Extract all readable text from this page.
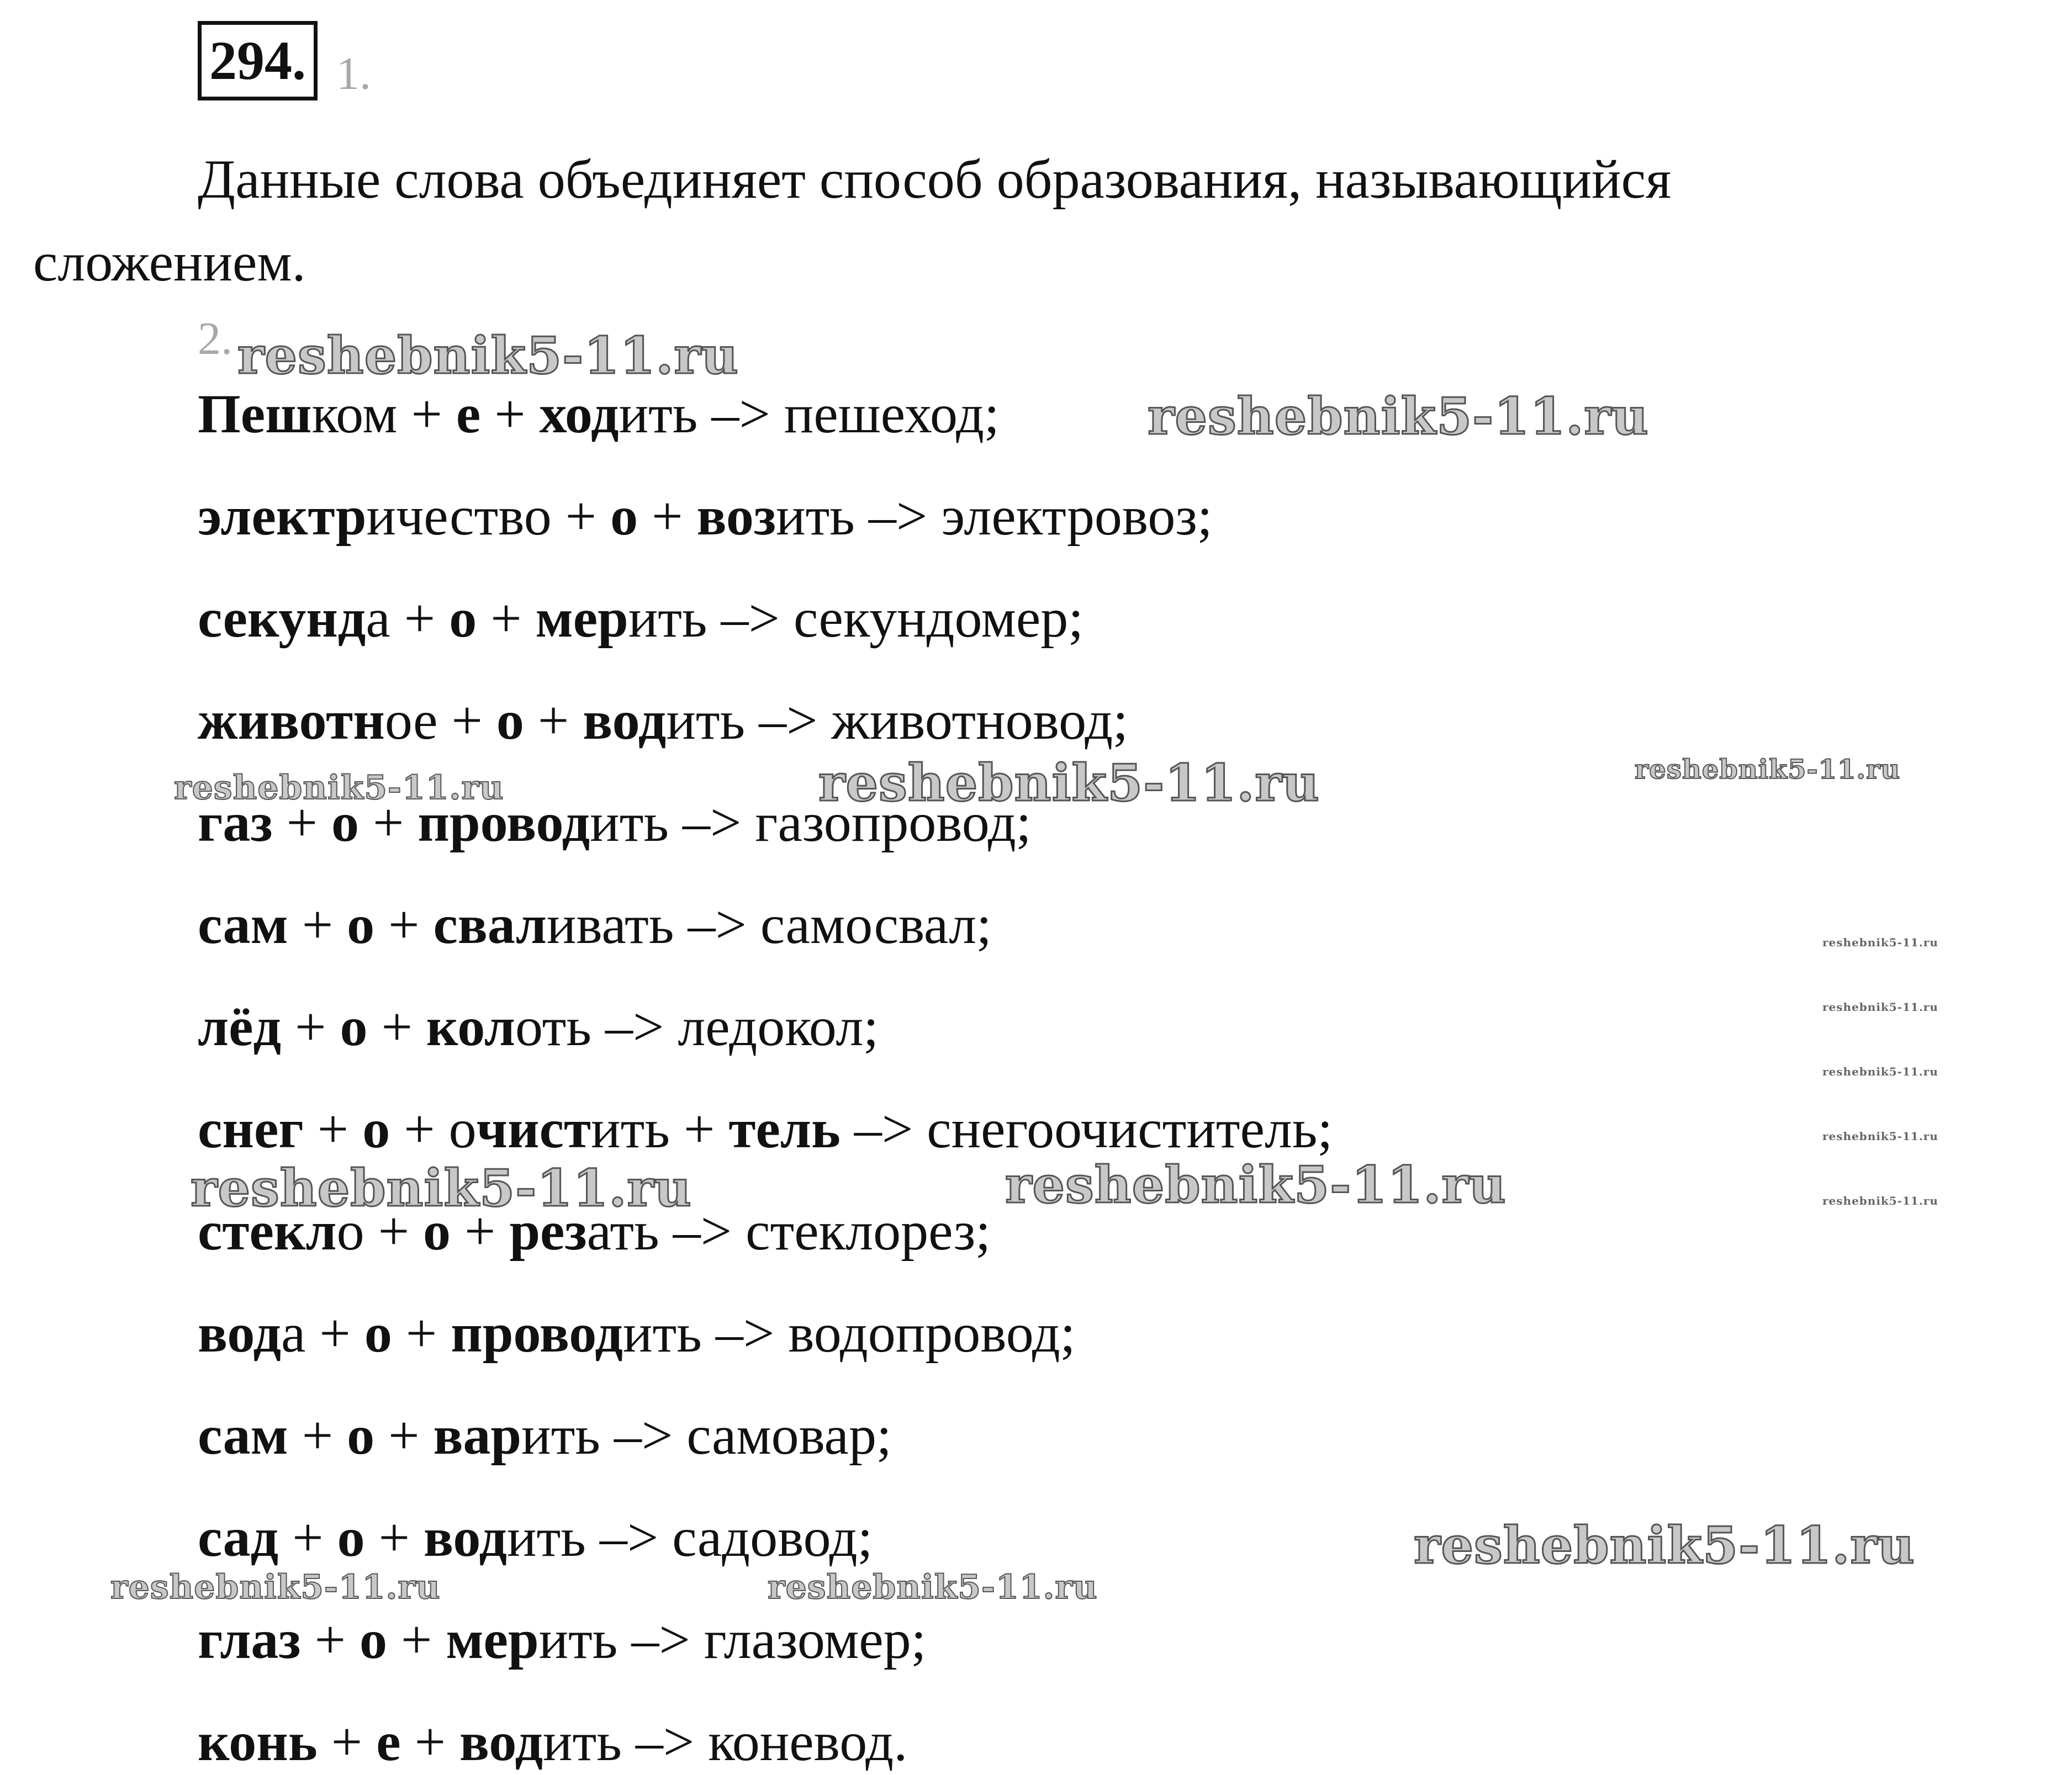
294 . 1.

Данные слова объединяет способ образования, называющийся сложением.

2.
Пешком + е + ходить –> пешеход;
электричество + о + возить –> электровоз;
секунда + о + мерить –> секундомер;
животное + о + водить –> животновод;
газ + о + проводить –> газопровод;
сам + о + сваливать –> самосвал;
лёд + о + колоть –> ледокол;
снег + о + очистить + тель –> снегоочиститель;
стекло + о + резать –> стеклорез;
вода + о + проводить –> водопровод;
сам + о + варить –> самовар;
сад + о + водить –> садовод;
глаз + о + мерить –> глазомер;
конь + е + водить –> коневод.
reshebnik5-11.ru
reshebnik5-11.ru
reshebnik5-11.ru	reshebnik5-11.ru	reshebnik5-11.ru
reshebnik5-11.ru
reshebnik5-11.ru
reshebnik5-11.ru
reshebnik5-11.ru
reshebnik5-11.ru
reshebnik5-11.ru	reshebnik5-11.ru
reshebnik5-11.ru
reshebnik5-11.ru	reshebnik5-11.ru
